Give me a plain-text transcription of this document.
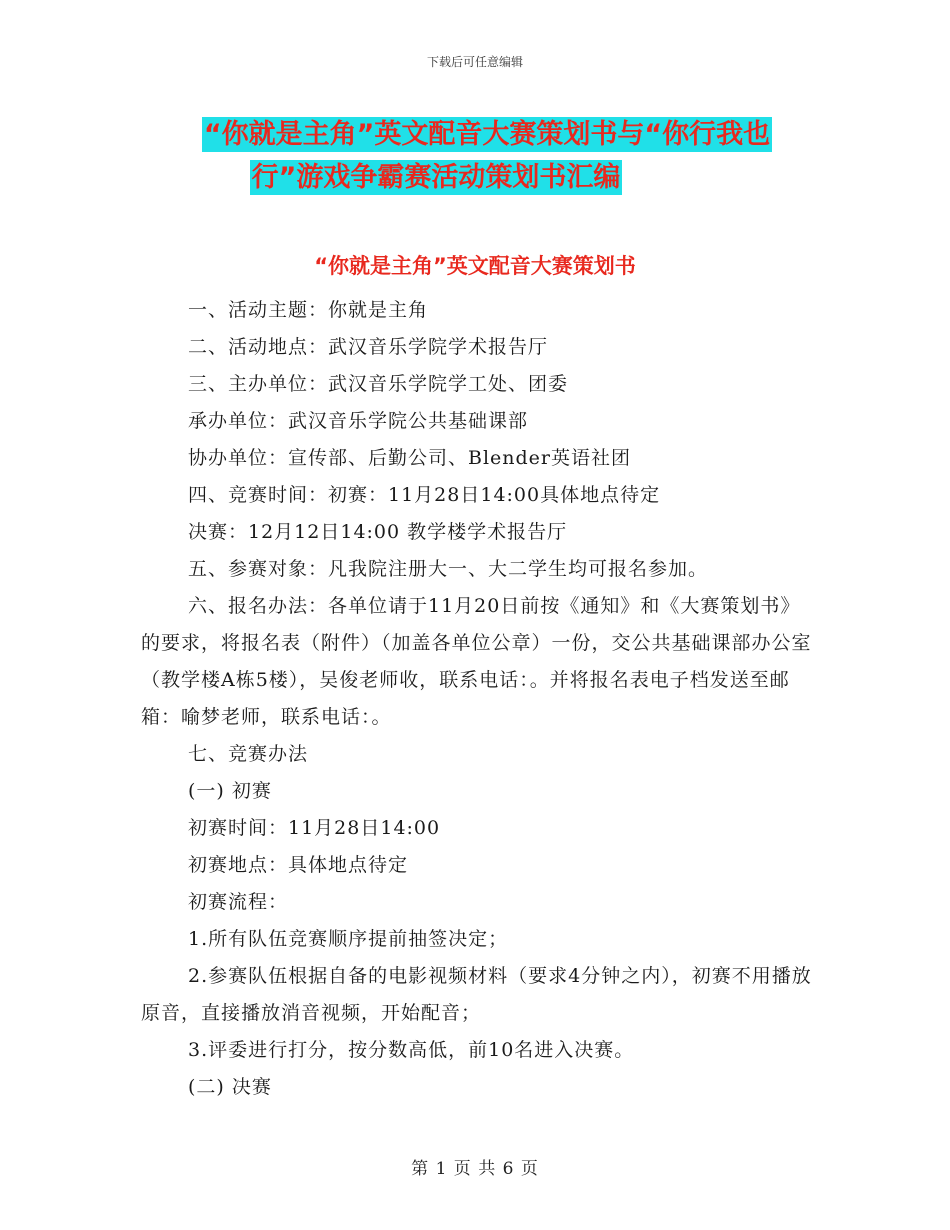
下载后可任意编辑
“你就是主角”英文配音大赛策划书与“你行我也
行”游戏争霸赛活动策划书汇编
“你就是主角”英文配音大赛策划书

一、活动主题：你就是主角

二、活动地点：武汉音乐学院学术报告厅

三、主办单位：武汉音乐学院学工处、团委

承办单位：武汉音乐学院公共基础课部

协办单位：宣传部、后勤公司、Blender英语社团

四、竞赛时间：初赛：11月28日14:00具体地点待定

决赛：12月12日14:00 教学楼学术报告厅

五、参赛对象：凡我院注册大一、大二学生均可报名参加。

六、报名办法：各单位请于11月20日前按《通知》和《大赛策划书》的要求，将报名表（附件）（加盖各单位公章）一份，交公共基础课部办公室（教学楼A栋5楼），吴俊老师收，联系电话：。并将报名表电子档发送至邮箱：喻梦老师，联系电话：。

七、竞赛办法

(一) 初赛

初赛时间：11月28日14:00

初赛地点：具体地点待定

初赛流程：

1.所有队伍竞赛顺序提前抽签决定；

2.参赛队伍根据自备的电影视频材料（要求4分钟之内），初赛不用播放原音，直接播放消音视频，开始配音；

3.评委进行打分，按分数高低，前10名进入决赛。

(二) 决赛

第 1 页 共 6 页
